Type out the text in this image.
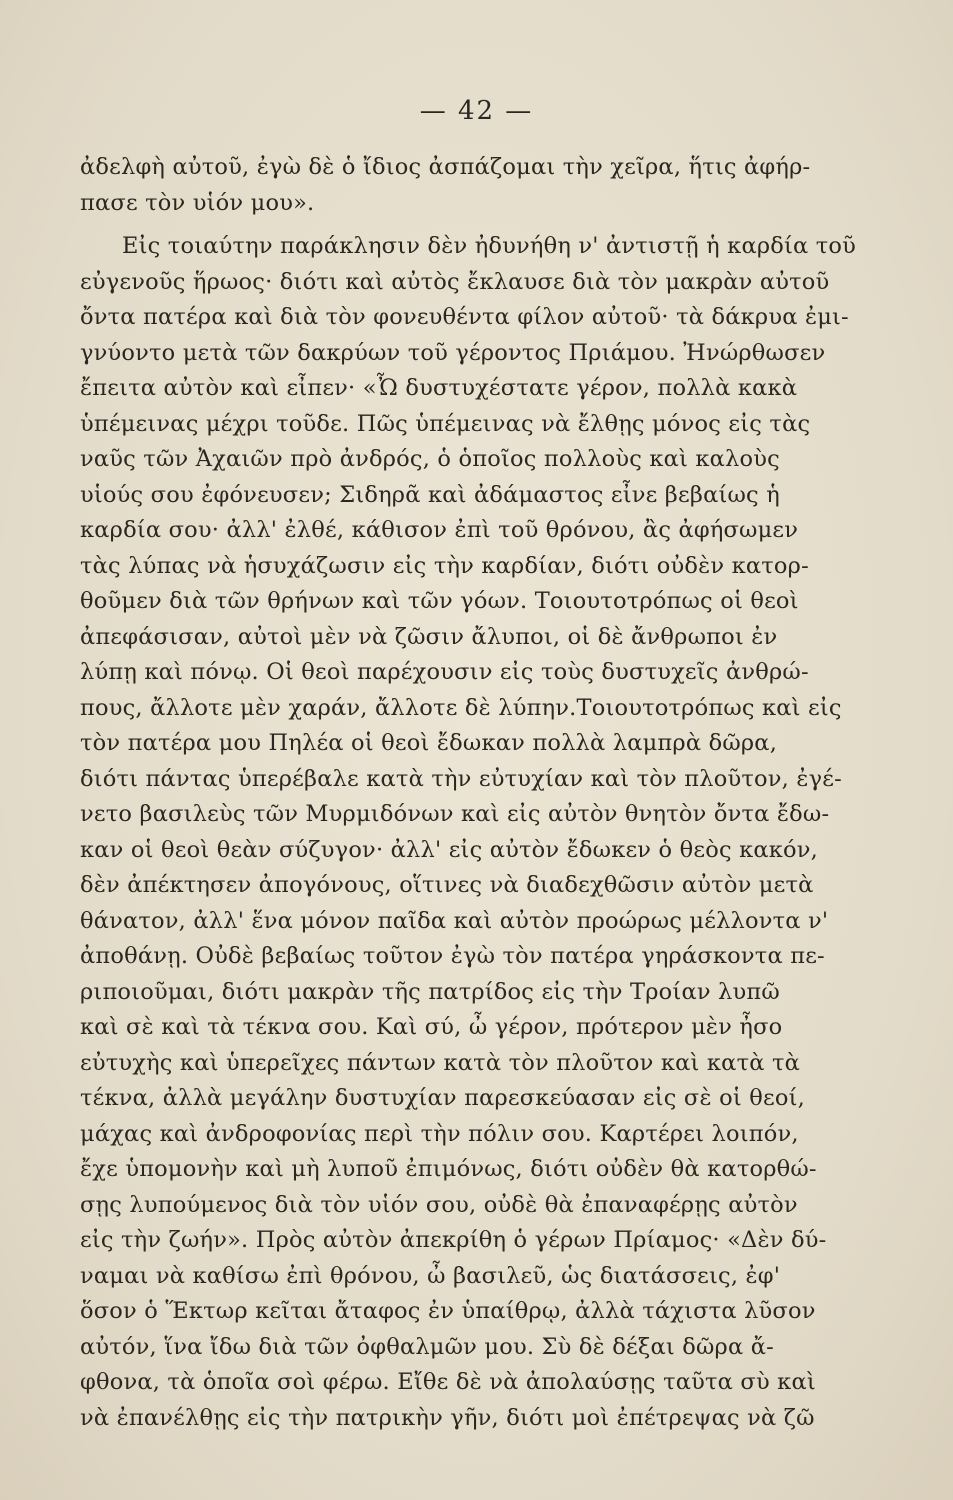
— 42 —
ἀδελφὴ αὐτοῦ, ἐγὼ δὲ ὁ ἴδιος ἀσπάζομαι τὴν χεῖρα, ἥτις ἀφήρ-
πασε τὸν υἱόν μου».
Εἰς τοιαύτην παράκλησιν δὲν ἠδυνήθη ν' ἀντιστῇ ἡ καρδία τοῦ
εὐγενοῦς ἥρωος· διότι καὶ αὐτὸς ἔκλαυσε διὰ τὸν μακρὰν αὐτοῦ
ὄντα πατέρα καὶ διὰ τὸν φονευθέντα φίλον αὐτοῦ· τὰ δάκρυα ἐμι-
γνύοντο μετὰ τῶν δακρύων τοῦ γέροντος Πριάμου. Ἠνώρθωσεν
ἔπειτα αὐτὸν καὶ εἶπεν· «Ὦ δυστυχέστατε γέρον, πολλὰ κακὰ
ὑπέμεινας μέχρι τοῦδε. Πῶς ὑπέμεινας νὰ ἔλθῃς μόνος εἰς τὰς
ναῦς τῶν Ἀχαιῶν πρὸ ἀνδρός, ὁ ὁποῖος πολλοὺς καὶ καλοὺς
υἱούς σου ἐφόνευσεν; Σιδηρᾶ καὶ ἀδάμαστος εἶνε βεβαίως ἡ
καρδία σου· ἀλλ' ἐλθέ, κάθισον ἐπὶ τοῦ θρόνου, ἂς ἀφήσωμεν
τὰς λύπας νὰ ἡσυχάζωσιν εἰς τὴν καρδίαν, διότι οὐδὲν κατορ-
θοῦμεν διὰ τῶν θρήνων καὶ τῶν γόων. Τοιουτοτρόπως οἱ θεοὶ
ἀπεφάσισαν, αὐτοὶ μὲν νὰ ζῶσιν ἄλυποι, οἱ δὲ ἄνθρωποι ἐν
λύπῃ καὶ πόνῳ. Οἱ θεοὶ παρέχουσιν εἰς τοὺς δυστυχεῖς ἀνθρώ-
πους, ἄλλοτε μὲν χαράν, ἄλλοτε δὲ λύπην.Τοιουτοτρόπως καὶ εἰς
τὸν πατέρα μου Πηλέα οἱ θεοὶ ἔδωκαν πολλὰ λαμπρὰ δῶρα,
διότι πάντας ὑπερέβαλε κατὰ τὴν εὐτυχίαν καὶ τὸν πλοῦτον, ἐγέ-
νετο βασιλεὺς τῶν Μυρμιδόνων καὶ εἰς αὐτὸν θνητὸν ὄντα ἔδω-
καν οἱ θεοὶ θεὰν σύζυγον· ἀλλ' εἰς αὐτὸν ἔδωκεν ὁ θεὸς κακόν,
δὲν ἀπέκτησεν ἀπογόνους, οἵτινες νὰ διαδεχθῶσιν αὐτὸν μετὰ
θάνατον, ἀλλ' ἕνα μόνον παῖδα καὶ αὐτὸν προώρως μέλλοντα ν'
ἀποθάνῃ. Οὐδὲ βεβαίως τοῦτον ἐγὼ τὸν πατέρα γηράσκοντα πε-
ριποιοῦμαι, διότι μακρὰν τῆς πατρίδος εἰς τὴν Τροίαν λυπῶ
καὶ σὲ καὶ τὰ τέκνα σου. Καὶ σύ, ὦ γέρον, πρότερον μὲν ἦσο
εὐτυχὴς καὶ ὑπερεῖχες πάντων κατὰ τὸν πλοῦτον καὶ κατὰ τὰ
τέκνα, ἀλλὰ μεγάλην δυστυχίαν παρεσκεύασαν εἰς σὲ οἱ θεοί,
μάχας καὶ ἀνδροφονίας περὶ τὴν πόλιν σου. Καρτέρει λοιπόν,
ἔχε ὑπομονὴν καὶ μὴ λυποῦ ἐπιμόνως, διότι οὐδὲν θὰ κατορθώ-
σῃς λυπούμενος διὰ τὸν υἱόν σου, οὐδὲ θὰ ἐπαναφέρῃς αὐτὸν
εἰς τὴν ζωήν». Πρὸς αὐτὸν ἀπεκρίθη ὁ γέρων Πρίαμος· «Δὲν δύ-
ναμαι νὰ καθίσω ἐπὶ θρόνου, ὦ βασιλεῦ, ὡς διατάσσεις, ἐφ'
ὅσον ὁ Ἕκτωρ κεῖται ἄταφος ἐν ὑπαίθρῳ, ἀλλὰ τάχιστα λῦσον
αὐτόν, ἵνα ἴδω διὰ τῶν ὀφθαλμῶν μου. Σὺ δὲ δέξαι δῶρα ἄ-
φθονα, τὰ ὁποῖα σοὶ φέρω. Εἴθε δὲ νὰ ἀπολαύσῃς ταῦτα σὺ καὶ
νὰ ἐπανέλθῃς εἰς τὴν πατρικὴν γῆν, διότι μοὶ ἐπέτρεψας νὰ ζῶ
